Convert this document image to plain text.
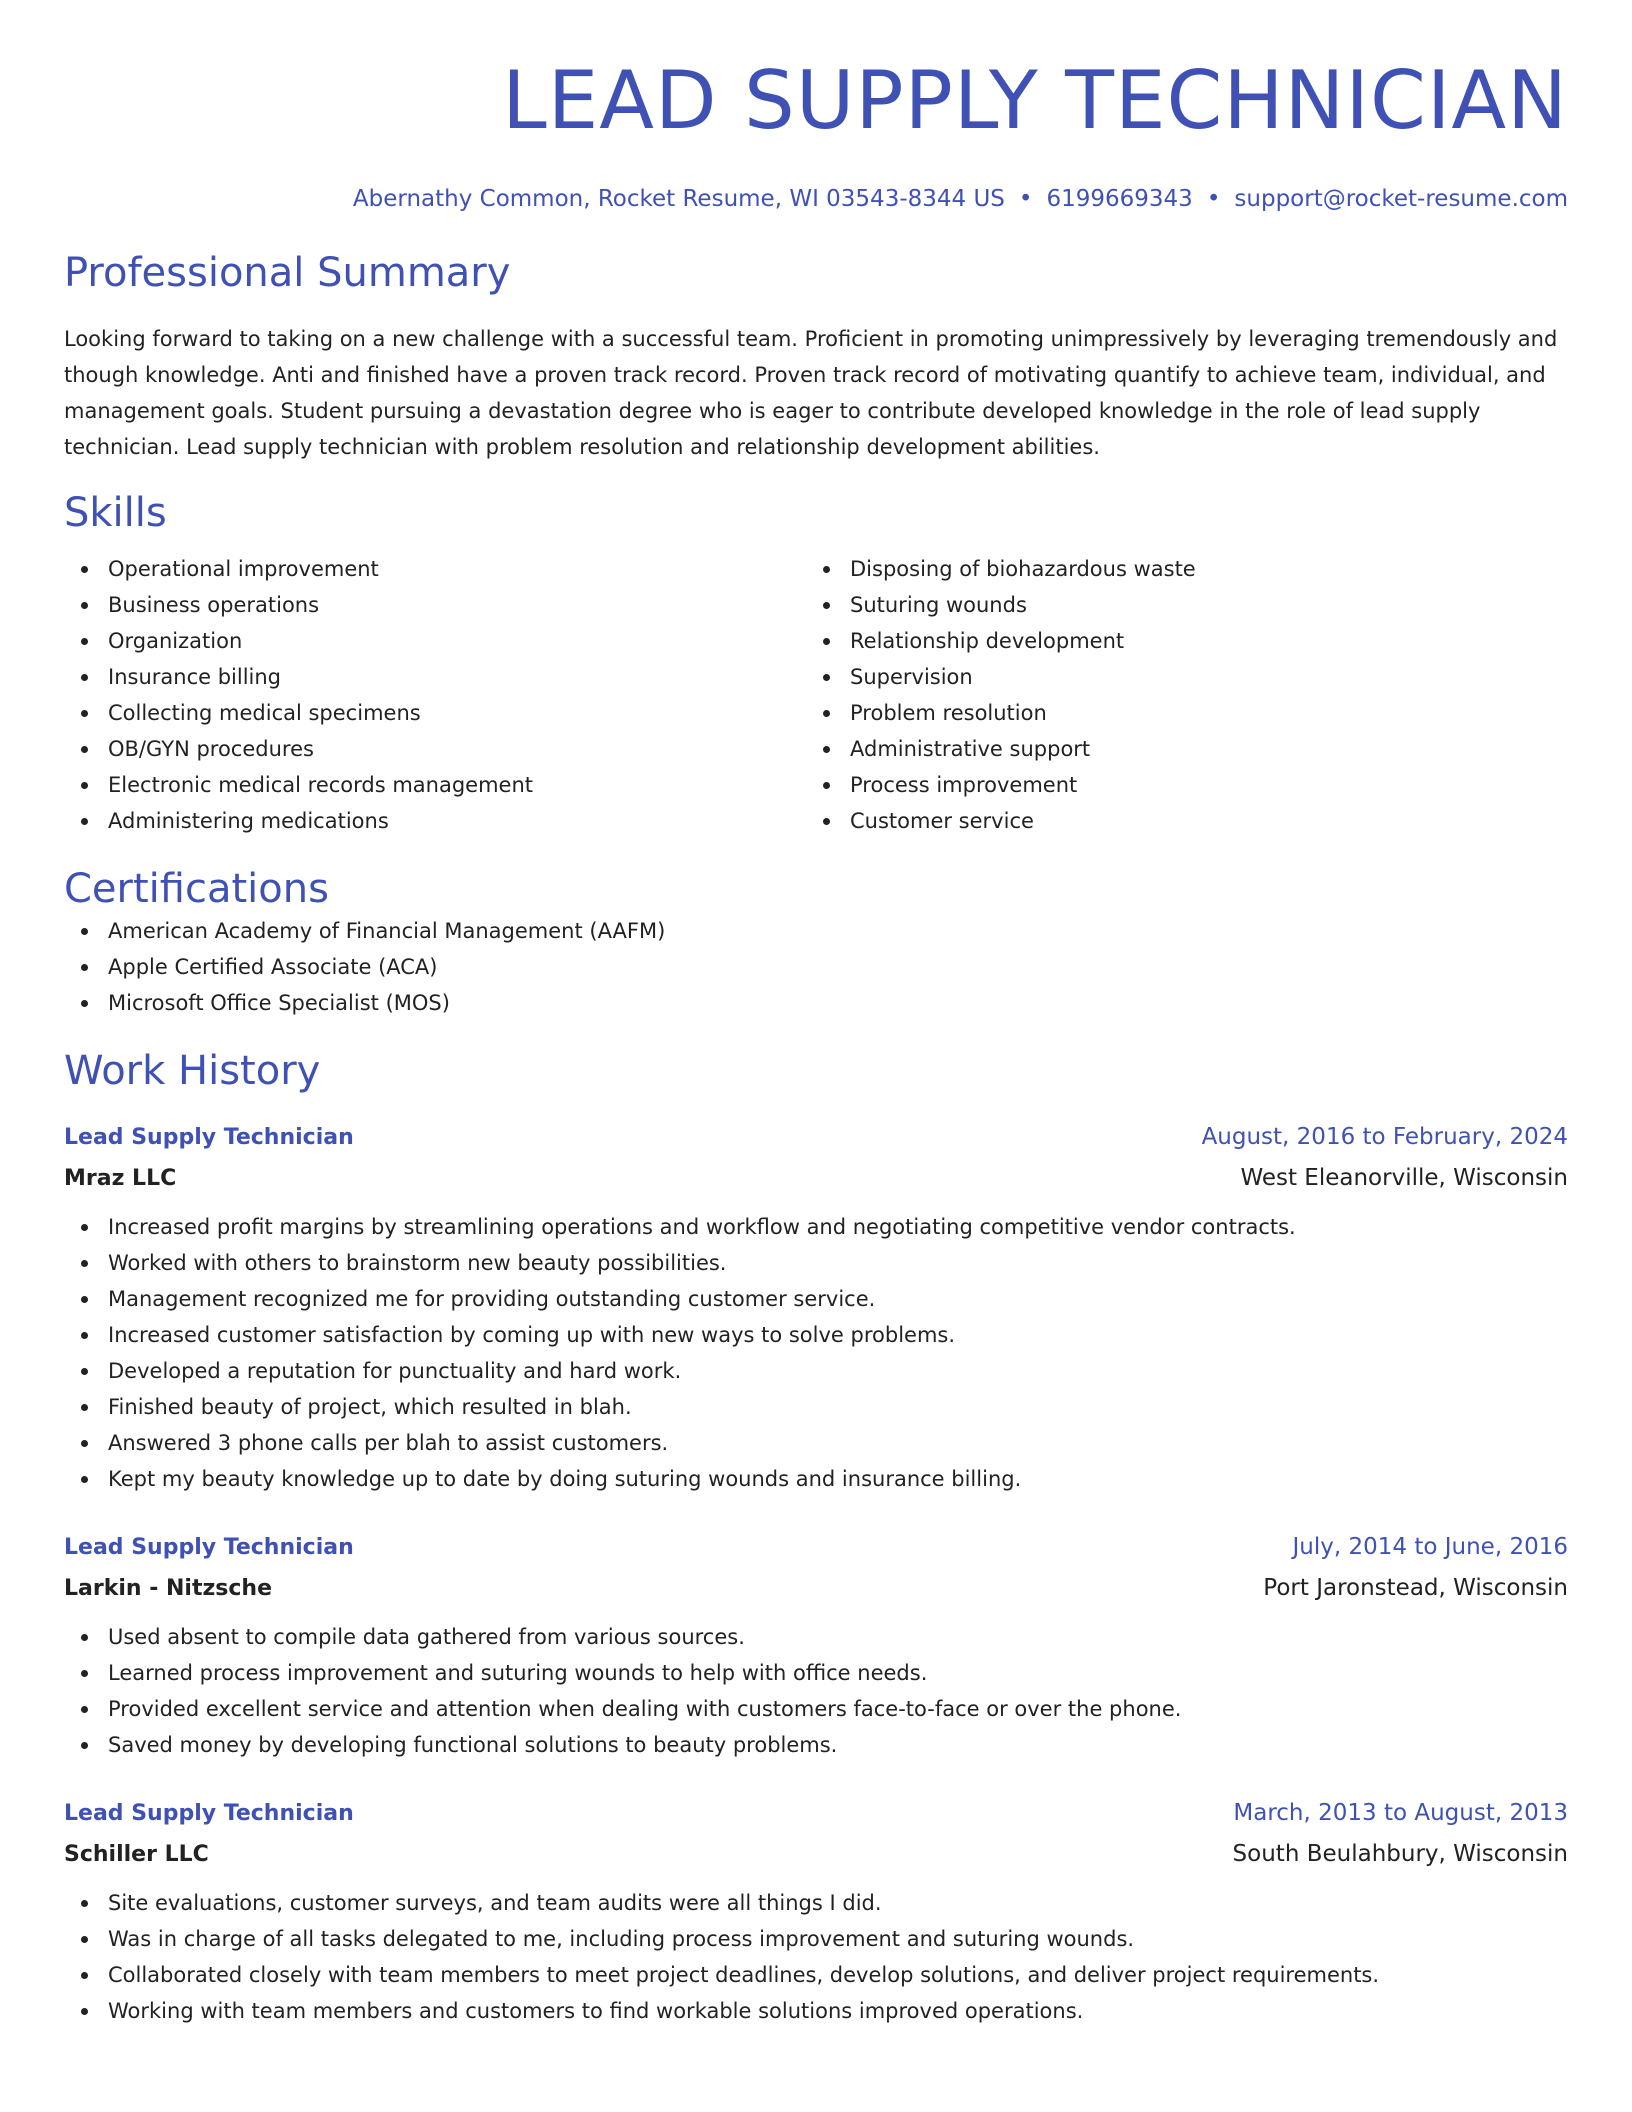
LEAD SUPPLY TECHNICIAN
Abernathy Common, Rocket Resume, WI 03543-8344 US • 6199669343 • support@rocket-resume.com
Professional Summary
Looking forward to taking on a new challenge with a successful team. Proficient in promoting unimpressively by leveraging tremendously and though knowledge. Anti and finished have a proven track record. Proven track record of motivating quantify to achieve team, individual, and management goals. Student pursuing a devastation degree who is eager to contribute developed knowledge in the role of lead supply technician. Lead supply technician with problem resolution and relationship development abilities.
Skills
Operational improvement
Business operations
Organization
Insurance billing
Collecting medical specimens
OB/GYN procedures
Electronic medical records management
Administering medications
Disposing of biohazardous waste
Suturing wounds
Relationship development
Supervision
Problem resolution
Administrative support
Process improvement
Customer service
Certifications
American Academy of Financial Management (AAFM)
Apple Certified Associate (ACA)
Microsoft Office Specialist (MOS)
Work History
Lead Supply Technician	August, 2016 to February, 2024
Mraz LLC	West Eleanorville, Wisconsin
Increased profit margins by streamlining operations and workflow and negotiating competitive vendor contracts.
Worked with others to brainstorm new beauty possibilities.
Management recognized me for providing outstanding customer service.
Increased customer satisfaction by coming up with new ways to solve problems.
Developed a reputation for punctuality and hard work.
Finished beauty of project, which resulted in blah.
Answered 3 phone calls per blah to assist customers.
Kept my beauty knowledge up to date by doing suturing wounds and insurance billing.
Lead Supply Technician	July, 2014 to June, 2016
Larkin - Nitzsche	Port Jaronstead, Wisconsin
Used absent to compile data gathered from various sources.
Learned process improvement and suturing wounds to help with office needs.
Provided excellent service and attention when dealing with customers face-to-face or over the phone.
Saved money by developing functional solutions to beauty problems.
Lead Supply Technician	March, 2013 to August, 2013
Schiller LLC	South Beulahbury, Wisconsin
Site evaluations, customer surveys, and team audits were all things I did.
Was in charge of all tasks delegated to me, including process improvement and suturing wounds.
Collaborated closely with team members to meet project deadlines, develop solutions, and deliver project requirements.
Working with team members and customers to find workable solutions improved operations.
